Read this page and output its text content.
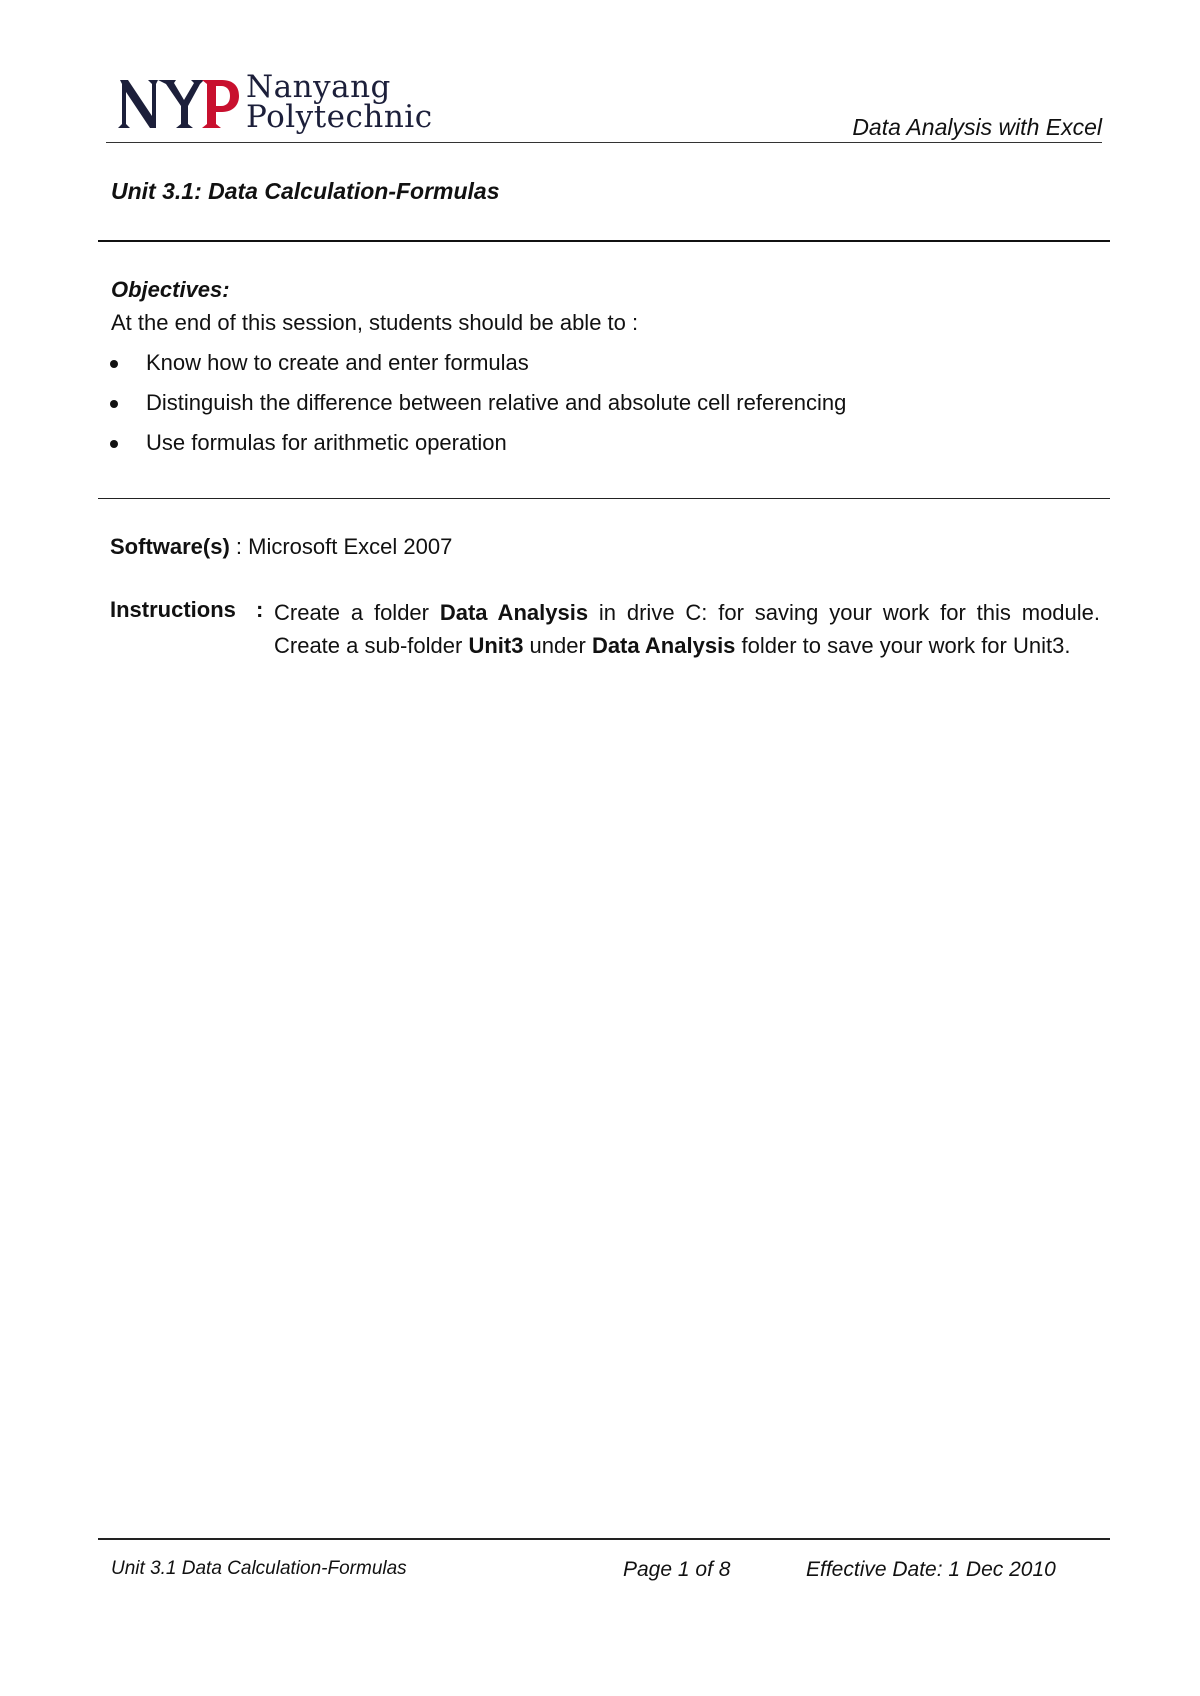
Nanyang
Polytechnic	Data Analysis with Excel
Unit 3.1: Data Calculation-Formulas
Objectives:
At the end of this session, students should be able to :
Know how to create and enter formulas
Distinguish the difference between relative and absolute cell referencing
Use formulas for arithmetic operation
Software(s) : Microsoft Excel 2007
Instructions : Create a folder Data Analysis in drive C: for saving your work for this module. Create a sub-folder Unit3 under Data Analysis folder to save your work for Unit3.
Unit 3.1 Data Calculation-Formulas	Page 1 of 8	Effective Date: 1 Dec 2010
